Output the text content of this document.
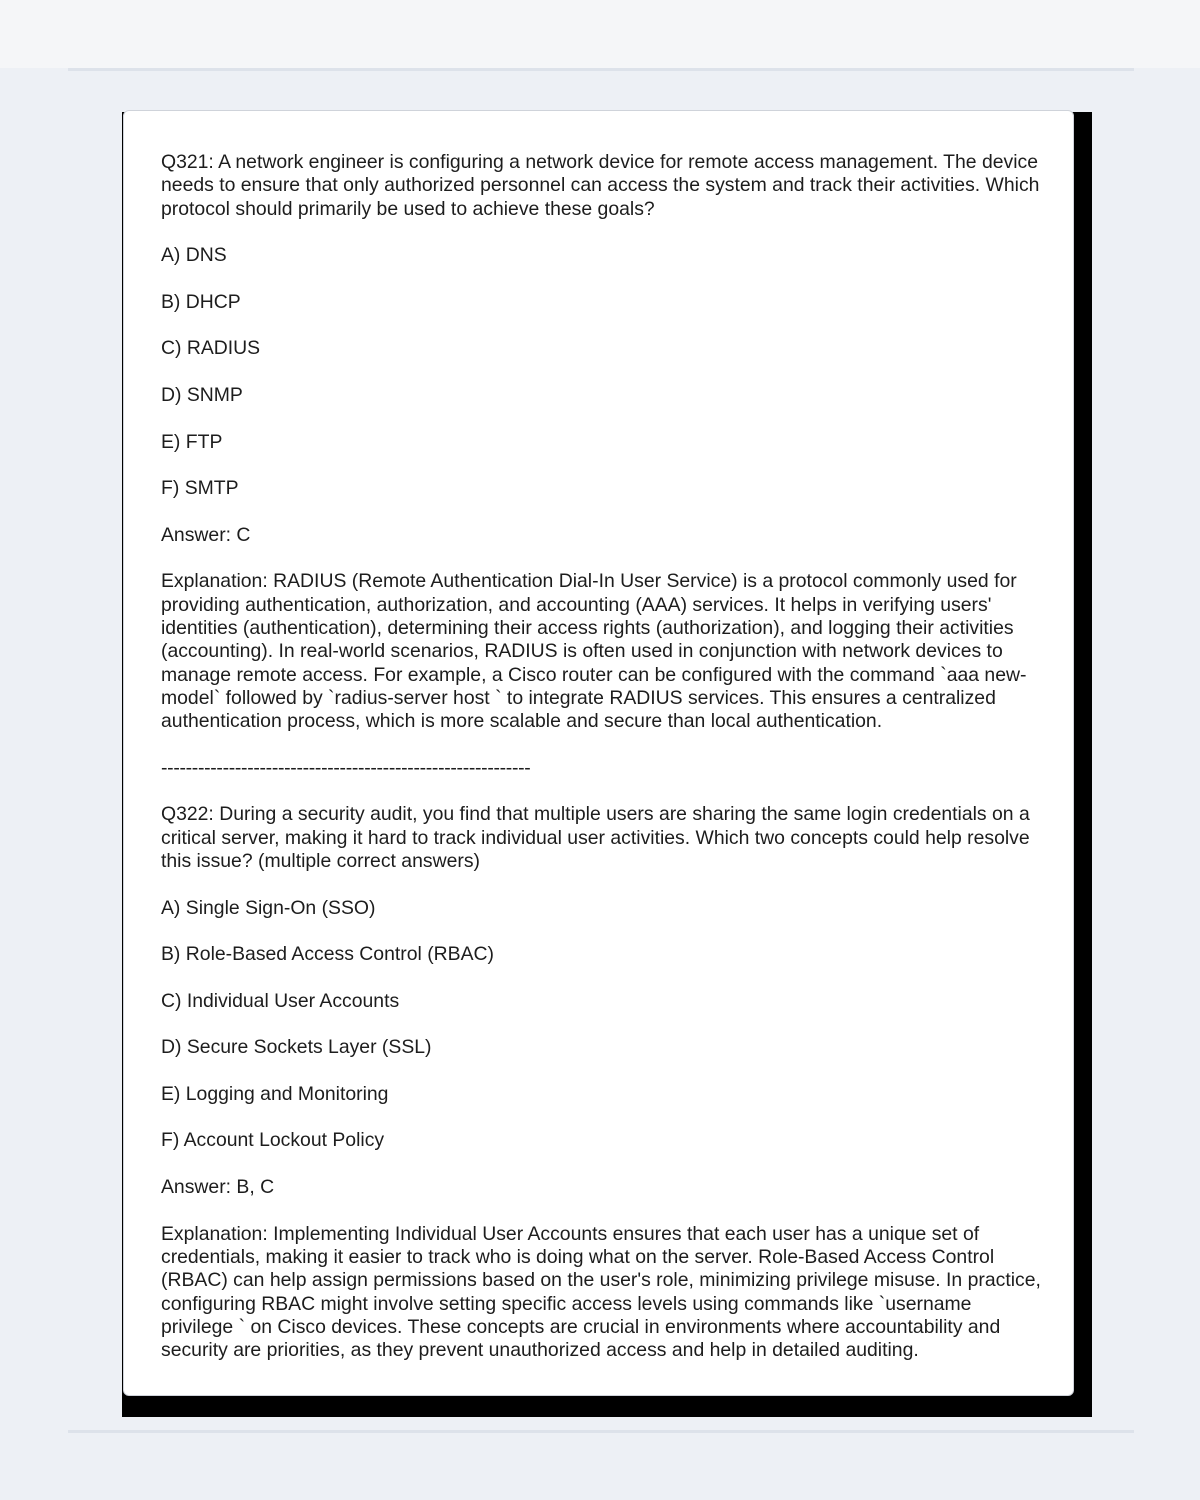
Q321: A network engineer is configuring a network device for remote access management. The device needs to ensure that only authorized personnel can access the system and track their activities. Which protocol should primarily be used to achieve these goals?

A) DNS

B) DHCP

C) RADIUS

D) SNMP

E) FTP

F) SMTP

Answer: C

Explanation: RADIUS (Remote Authentication Dial-In User Service) is a protocol commonly used for providing authentication, authorization, and accounting (AAA) services. It helps in verifying users' identities (authentication), determining their access rights (authorization), and logging their activities (accounting). In real-world scenarios, RADIUS is often used in conjunction with network devices to manage remote access. For example, a Cisco router can be configured with the command `aaa new-model` followed by `radius-server host ` to integrate RADIUS services. This ensures a centralized authentication process, which is more scalable and secure than local authentication.

------------------------------------------------------------

Q322: During a security audit, you find that multiple users are sharing the same login credentials on a critical server, making it hard to track individual user activities. Which two concepts could help resolve this issue? (multiple correct answers)

A) Single Sign-On (SSO)

B) Role-Based Access Control (RBAC)

C) Individual User Accounts

D) Secure Sockets Layer (SSL)

E) Logging and Monitoring

F) Account Lockout Policy

Answer: B, C

Explanation: Implementing Individual User Accounts ensures that each user has a unique set of credentials, making it easier to track who is doing what on the server. Role-Based Access Control (RBAC) can help assign permissions based on the user's role, minimizing privilege misuse. In practice, configuring RBAC might involve setting specific access levels using commands like `username privilege ` on Cisco devices. These concepts are crucial in environments where accountability and security are priorities, as they prevent unauthorized access and help in detailed auditing.
